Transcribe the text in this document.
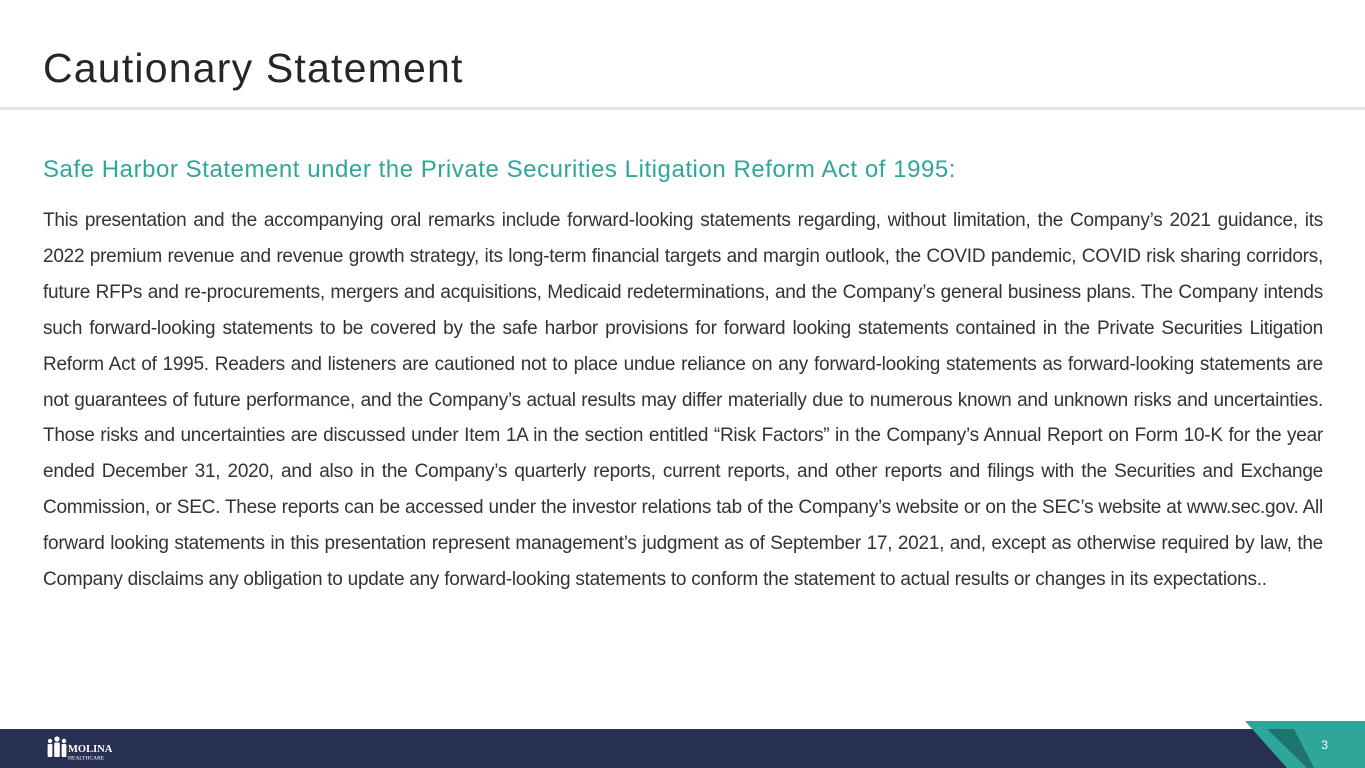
Cautionary Statement
Safe Harbor Statement under the Private Securities Litigation Reform Act of 1995:

This presentation and the accompanying oral remarks include forward-looking statements regarding, without limitation, the Company’s 2021 guidance, its 2022 premium revenue and revenue growth strategy, its long-term financial targets and margin outlook, the COVID pandemic, COVID risk sharing corridors, future RFPs and re-procurements, mergers and acquisitions, Medicaid redeterminations, and the Company’s general business plans. The Company intends such forward-looking statements to be covered by the safe harbor provisions for forward looking statements contained in the Private Securities Litigation Reform Act of 1995. Readers and listeners are cautioned not to place undue reliance on any forward-looking statements as forward-looking statements are not guarantees of future performance, and the Company’s actual results may differ materially due to numerous known and unknown risks and uncertainties. Those risks and uncertainties are discussed under Item 1A in the section entitled “Risk Factors” in the Company’s Annual Report on Form 10-K for the year ended December 31, 2020, and also in the Company’s quarterly reports, current reports, and other reports and filings with the Securities and Exchange Commission, or SEC. These reports can be accessed under the investor relations tab of the Company’s website or on the SEC’s website at www.sec.gov. All forward looking statements in this presentation represent management’s judgment as of September 17, 2021, and, except as otherwise required by law, the Company disclaims any obligation to update any forward-looking statements to conform the statement to actual results or changes in its expectations..

3
MOLINA
HEALTHCARE
